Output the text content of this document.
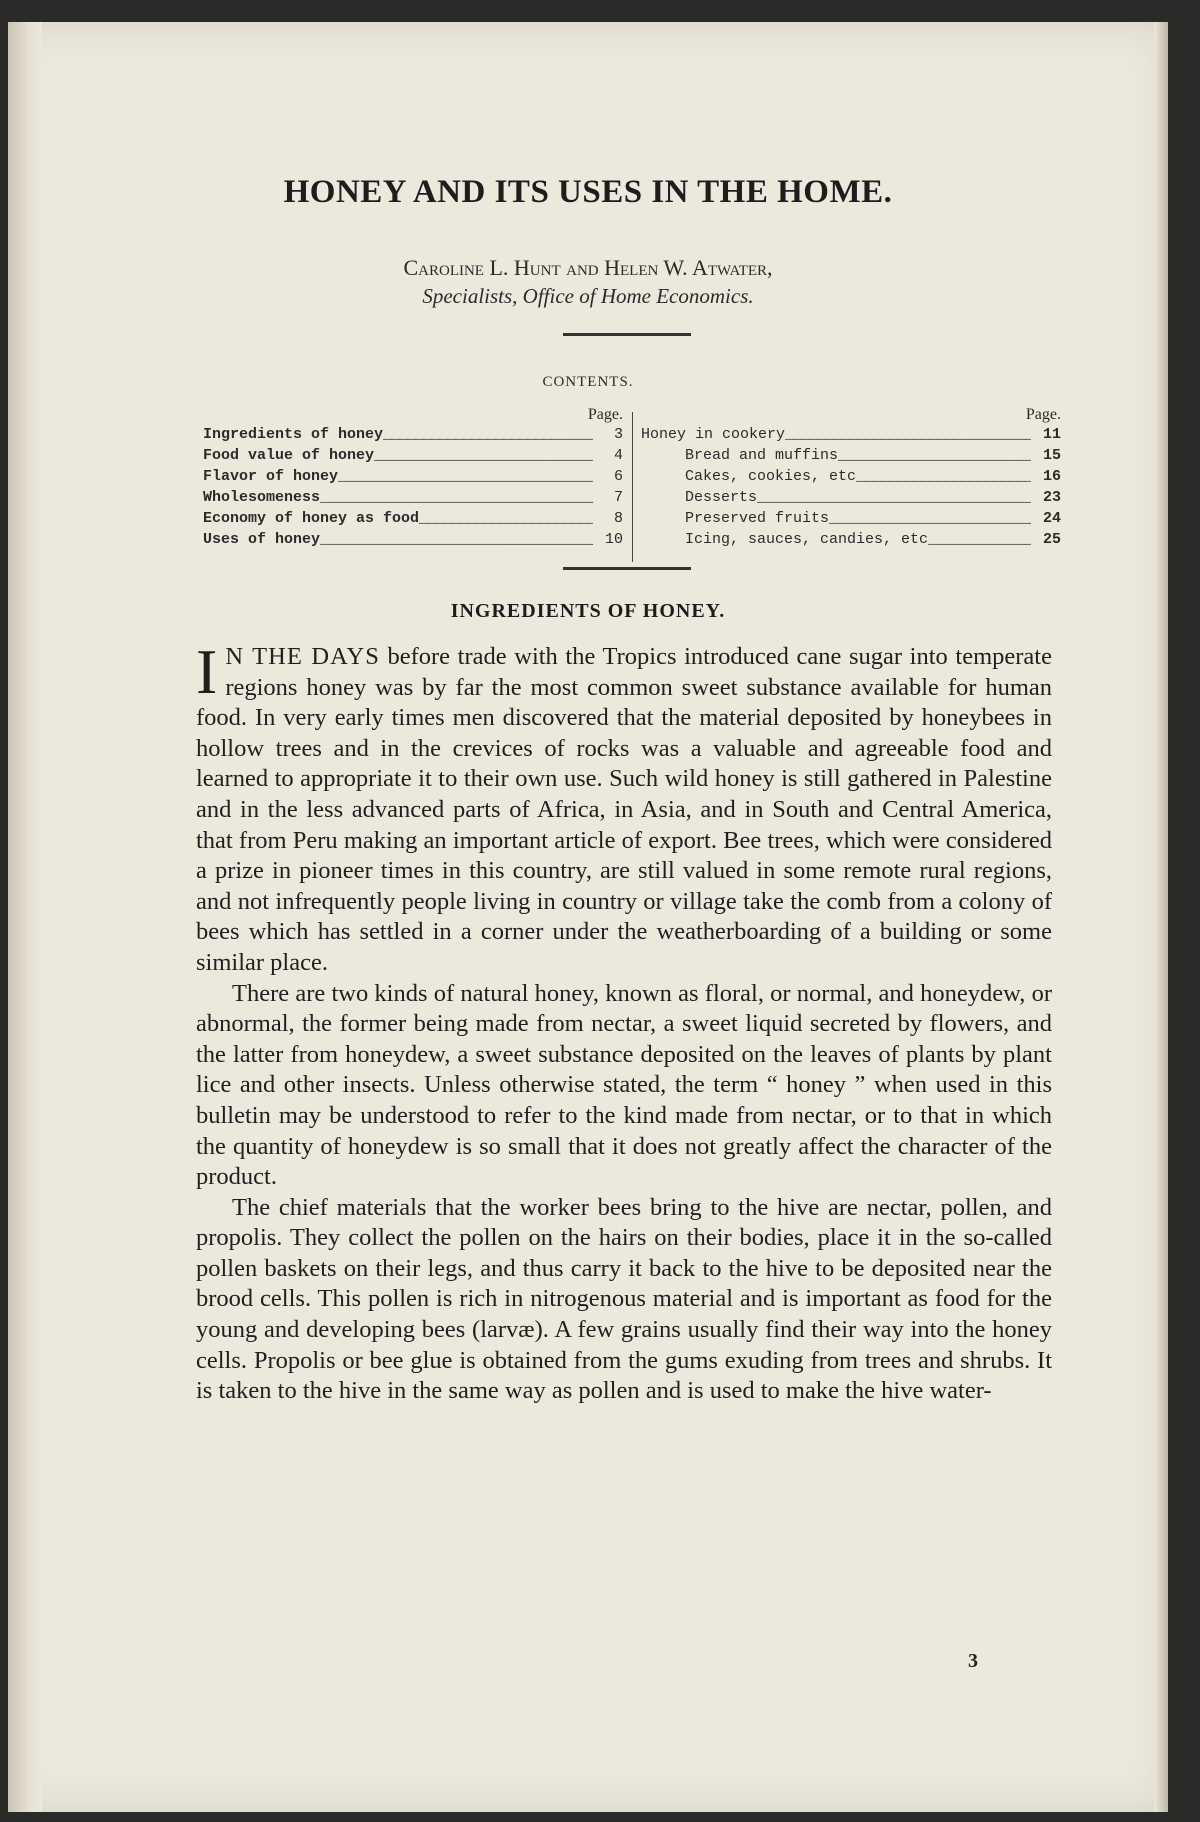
HONEY AND ITS USES IN THE HOME.
Caroline L. Hunt and Helen W. Atwater,
Specialists, Office of Home Economics.
CONTENTS.
Page.
Ingredients of honey _____	3
Food value of honey _____	4
Flavor of honey _____	6
Wholesomeness _____	7
Economy of honey as food _____	8
Uses of honey _____	10
Page.
Honey in cookery _____	11
Bread and muffins _____	15
Cakes, cookies, etc _____	16
Desserts _____	23
Preserved fruits _____	24
Icing, sauces, candies, etc _____	25
INGREDIENTS OF HONEY.

I N THE DAYS before trade with the Tropics introduced cane sugar into temperate regions honey was by far the most common sweet substance available for human food. In very early times men discovered that the material deposited by honeybees in hollow trees and in the crevices of rocks was a valuable and agreeable food and learned to appropriate it to their own use. Such wild honey is still gathered in Palestine and in the less advanced parts of Africa, in Asia, and in South and Central America, that from Peru making an important article of export. Bee trees, which were considered a prize in pioneer times in this country, are still valued in some remote rural regions, and not infrequently people living in country or village take the comb from a colony of bees which has settled in a corner under the weatherboarding of a building or some similar place.

There are two kinds of natural honey, known as floral, or normal, and honeydew, or abnormal, the former being made from nectar, a sweet liquid secreted by flowers, and the latter from honeydew, a sweet substance deposited on the leaves of plants by plant lice and other insects. Unless otherwise stated, the term “ honey ” when used in this bulletin may be understood to refer to the kind made from nectar, or to that in which the quantity of honeydew is so small that it does not greatly affect the character of the product.

The chief materials that the worker bees bring to the hive are nectar, pollen, and propolis. They collect the pollen on the hairs on their bodies, place it in the so-called pollen baskets on their legs, and thus carry it back to the hive to be deposited near the brood cells. This pollen is rich in nitrogenous material and is important as food for the young and developing bees (larvæ). A few grains usually find their way into the honey cells. Propolis or bee glue is obtained from the gums exuding from trees and shrubs. It is taken to the hive in the same way as pollen and is used to make the hive water-

3
